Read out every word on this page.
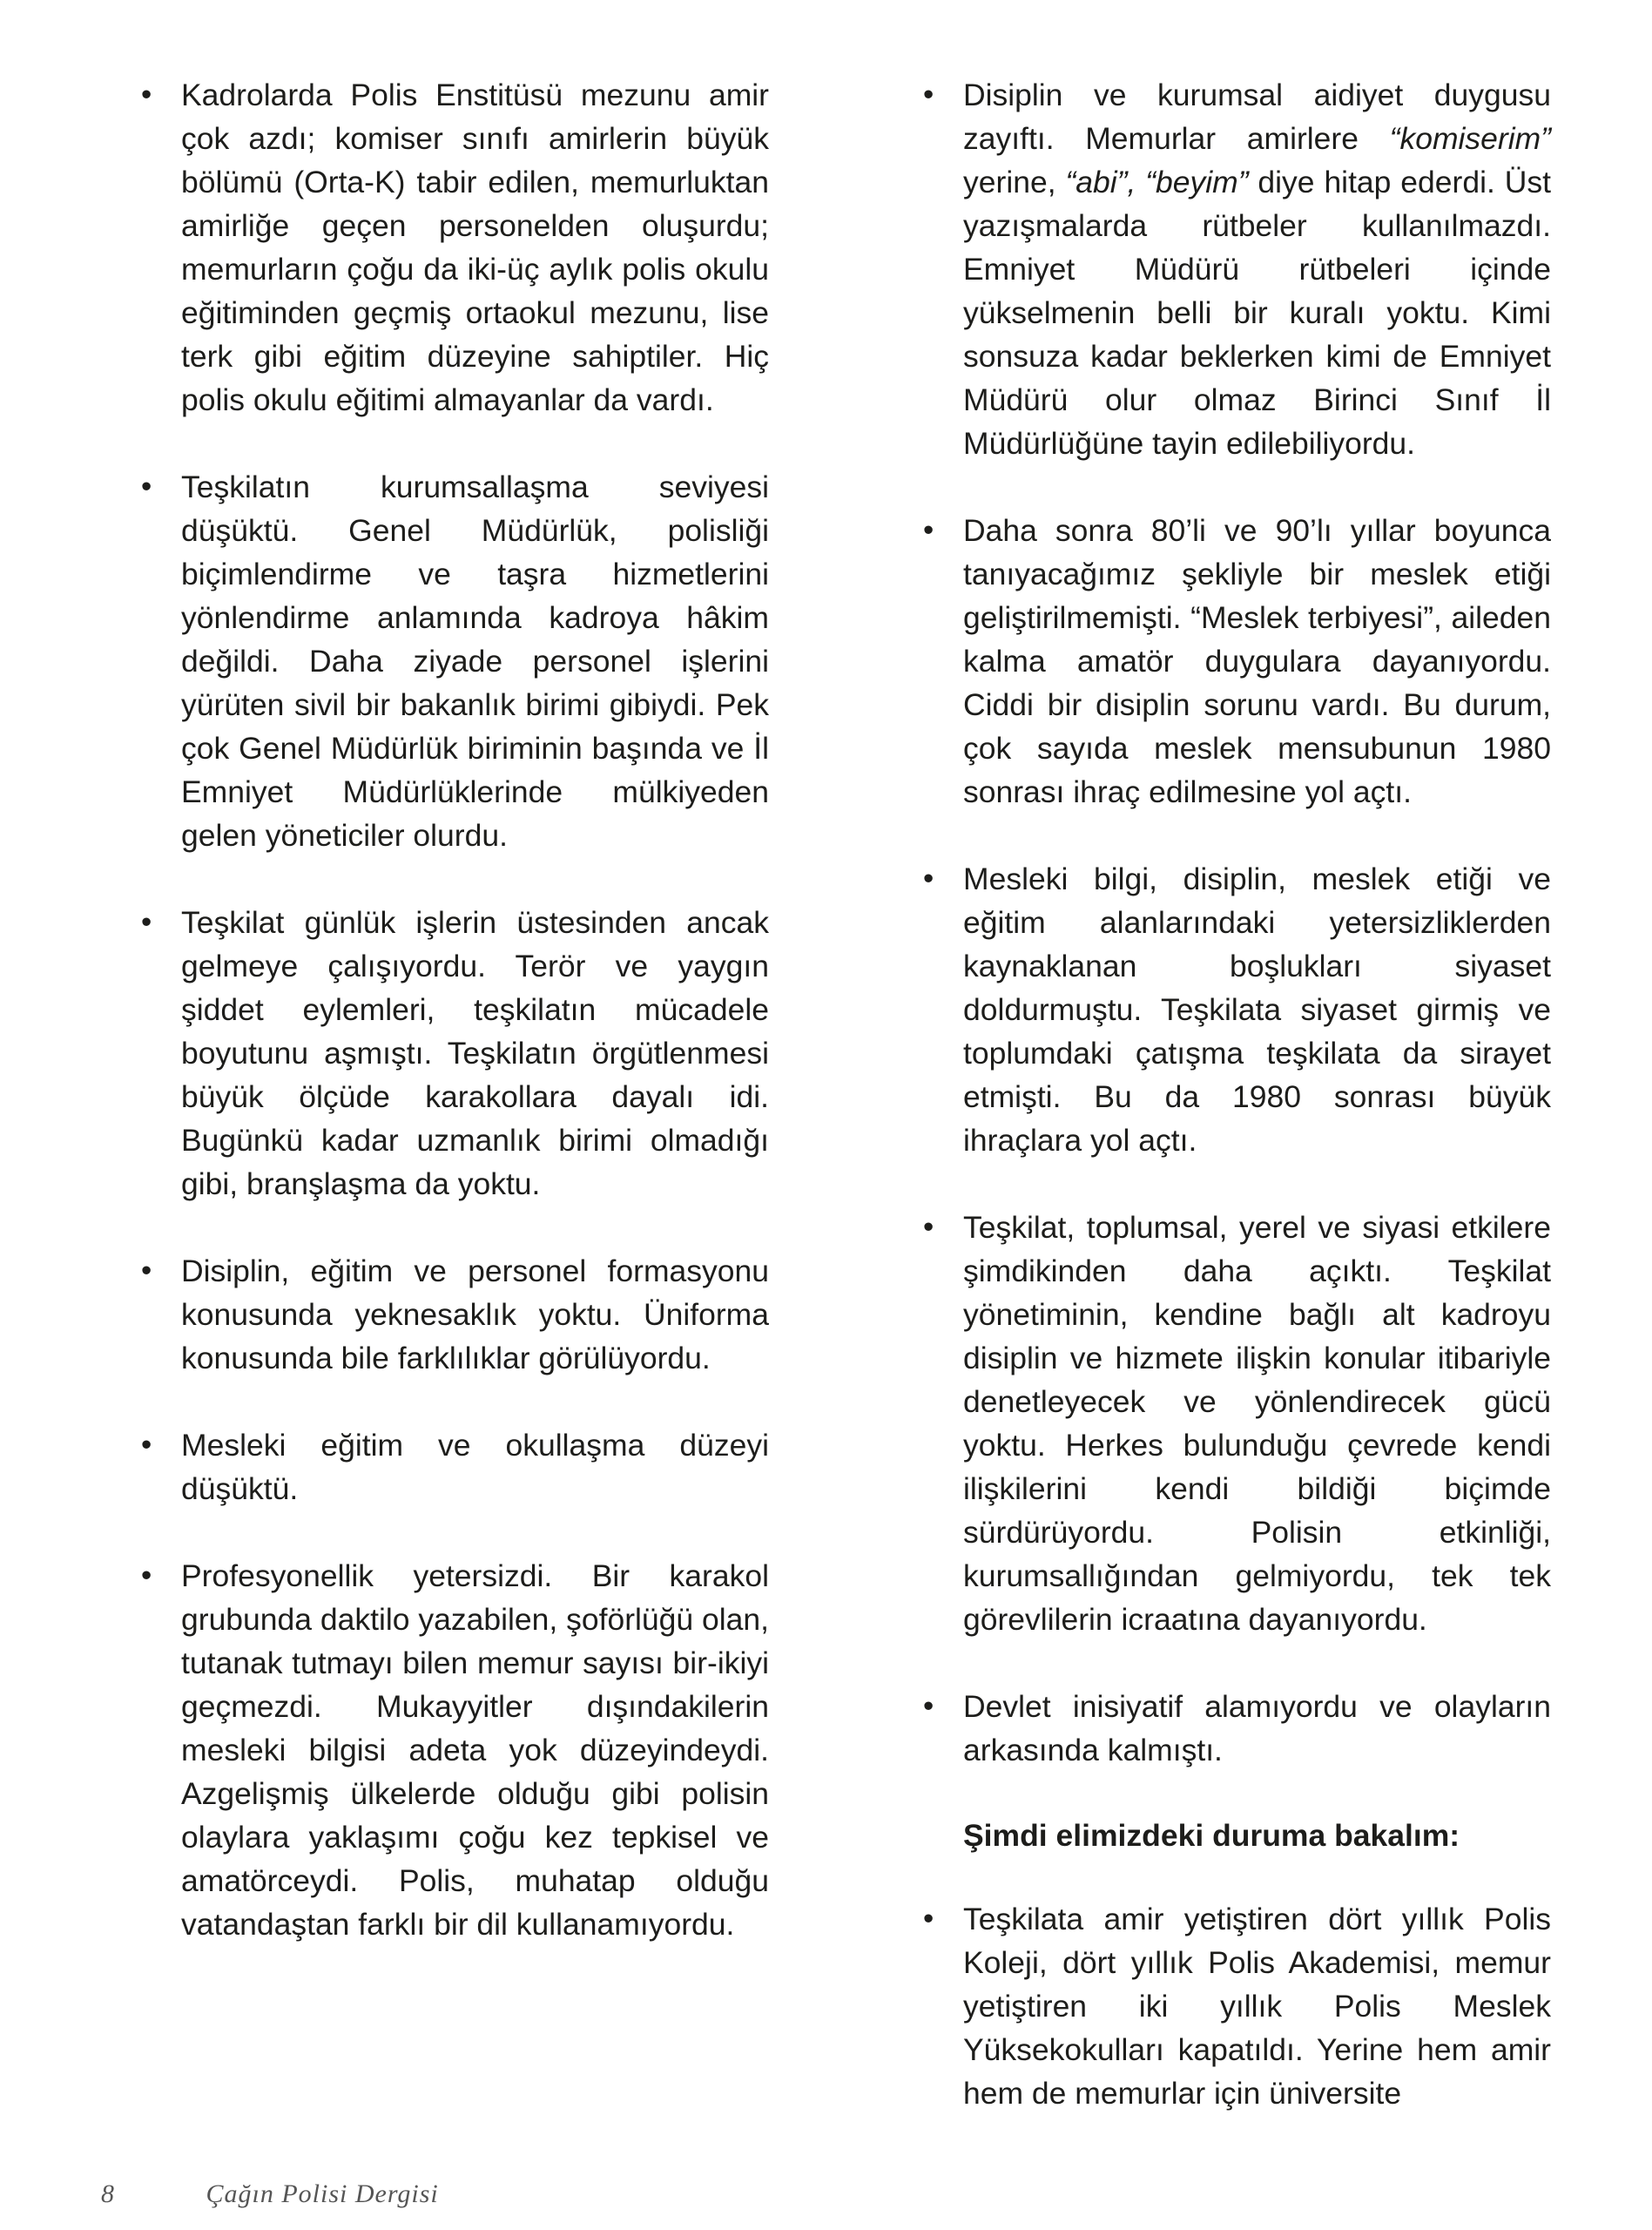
• Kadrolarda Polis Enstitüsü mezunu amir çok azdı; komiser sınıfı amirlerin büyük bölümü (Orta-K) tabir edilen, memurluktan amirliğe geçen personelden oluşurdu; memurların çoğu da iki-üç aylık polis okulu eğitiminden geçmiş ortaokul mezunu, lise terk gibi eğitim düzeyine sahiptiler. Hiç polis okulu eğitimi almayanlar da vardı.
• Teşkilatın kurumsallaşma seviyesi düşüktü. Genel Müdürlük, polisliği biçimlendirme ve taşra hizmetlerini yönlendirme anlamında kadroya hâkim değildi. Daha ziyade personel işlerini yürüten sivil bir bakanlık birimi gibiydi. Pek çok Genel Müdürlük biriminin başında ve İl Emniyet Müdürlüklerinde mülkiyeden gelen yöneticiler olurdu.
• Teşkilat günlük işlerin üstesinden ancak gelmeye çalışıyordu. Terör ve yaygın şiddet eylemleri, teşkilatın mücadele boyutunu aşmıştı. Teşkilatın örgütlenmesi büyük ölçüde karakollara dayalı idi. Bugünkü kadar uzmanlık birimi olmadığı gibi, branşlaşma da yoktu.
• Disiplin, eğitim ve personel formasyonu konusunda yeknesaklık yoktu. Üniforma konusunda bile farklılıklar görülüyordu.
• Mesleki eğitim ve okullaşma düzeyi düşüktü.
• Profesyonellik yetersizdi. Bir karakol grubunda daktilo yazabilen, şoförlüğü olan, tutanak tutmayı bilen memur sayısı bir-ikiyi geçmezdi. Mukayyitler dışındakilerin mesleki bilgisi adeta yok düzeyindeydi. Azgelişmiş ülkelerde olduğu gibi polisin olaylara yaklaşımı çoğu kez tepkisel ve amatörceydi. Polis, muhatap olduğu vatandaştan farklı bir dil kullanamıyordu.
• Disiplin ve kurumsal aidiyet duygusu zayıftı. Memurlar amirlere “komiserim” yerine, “abi”, “beyim” diye hitap ederdi. Üst yazışmalarda rütbeler kullanılmazdı. Emniyet Müdürü rütbeleri içinde yükselmenin belli bir kuralı yoktu. Kimi sonsuza kadar beklerken kimi de Emniyet Müdürü olur olmaz Birinci Sınıf İl Müdürlüğüne tayin edilebiliyordu.
• Daha sonra 80’li ve 90’lı yıllar boyunca tanıyacağımız şekliyle bir meslek etiği geliştirilmemişti. “Meslek terbiyesi”, aileden kalma amatör duygulara dayanıyordu. Ciddi bir disiplin sorunu vardı. Bu durum, çok sayıda meslek mensubunun 1980 sonrası ihraç edilmesine yol açtı.
• Mesleki bilgi, disiplin, meslek etiği ve eğitim alanlarındaki yetersizliklerden kaynaklanan boşlukları siyaset doldurmuştu. Teşkilata siyaset girmiş ve toplumdaki çatışma teşkilata da sirayet etmişti. Bu da 1980 sonrası büyük ihraçlara yol açtı.
• Teşkilat, toplumsal, yerel ve siyasi etkilere şimdikinden daha açıktı. Teşkilat yönetiminin, kendine bağlı alt kadroyu disiplin ve hizmete ilişkin konular itibariyle denetleyecek ve yönlendirecek gücü yoktu. Herkes bulunduğu çevrede kendi ilişkilerini kendi bildiği biçimde sürdürüyordu. Polisin etkinliği, kurumsallığından gelmiyordu, tek tek görevlilerin icraatına dayanıyordu.
• Devlet inisiyatif alamıyordu ve olayların arkasında kalmıştı.
Şimdi elimizdeki duruma bakalım:
• Teşkilata amir yetiştiren dört yıllık Polis Koleji, dört yıllık Polis Akademisi, memur yetiştiren iki yıllık Polis Meslek Yüksekokulları kapatıldı. Yerine hem amir hem de memurlar için üniversite
8	Çağın Polisi Dergisi
